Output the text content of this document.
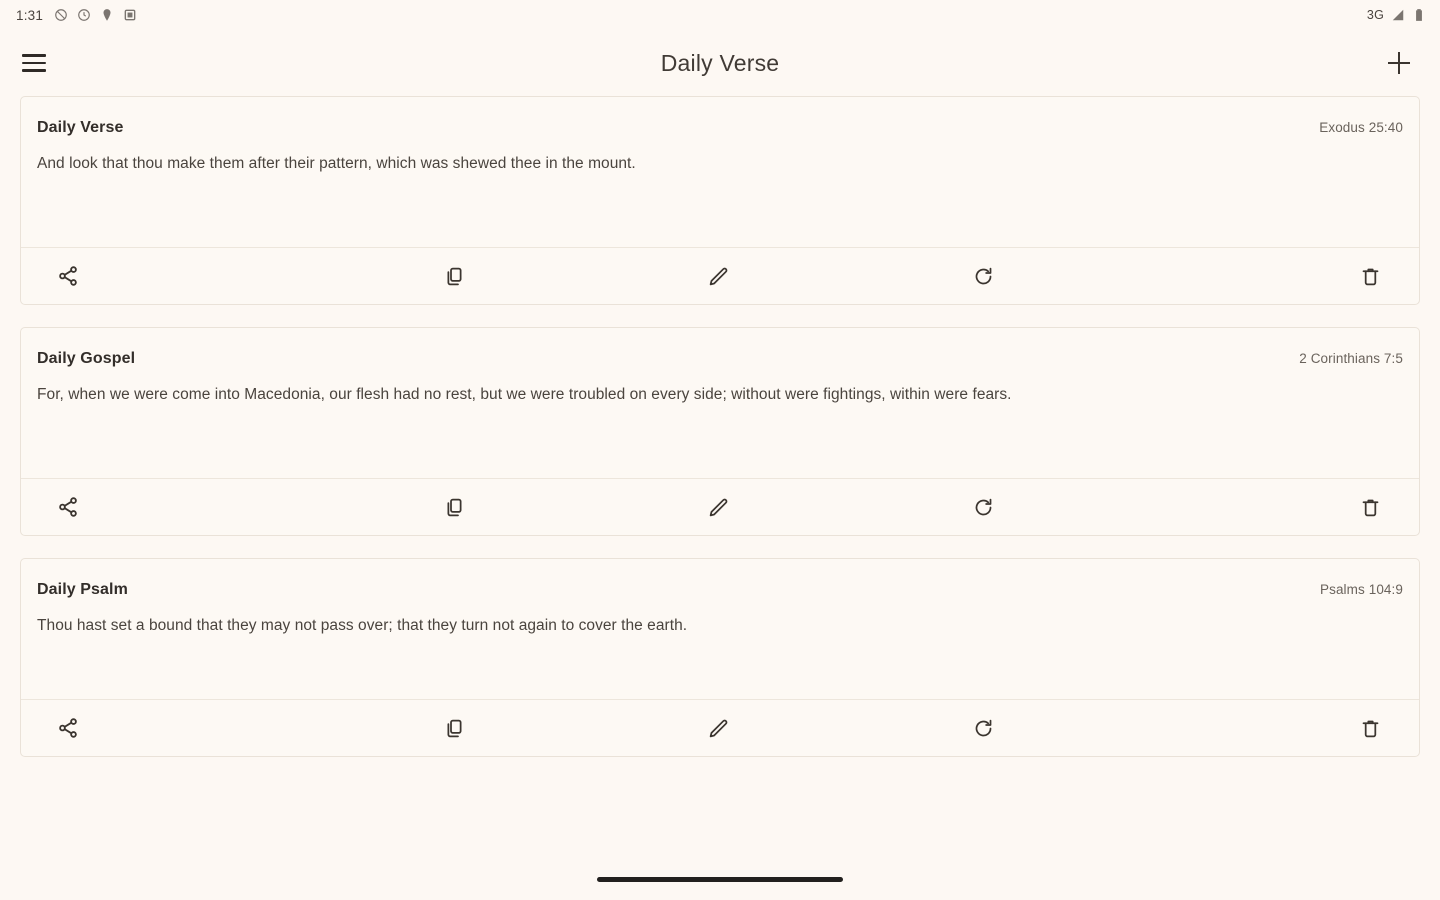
1:31	3G
Daily Verse
Daily Verse	Exodus 25:40
And look that thou make them after their pattern, which was shewed thee in the mount.
Daily Gospel	2 Corinthians 7:5
For, when we were come into Macedonia, our flesh had no rest, but we were troubled on every side; without were fightings, within were fears.
Daily Psalm	Psalms 104:9
Thou hast set a bound that they may not pass over; that they turn not again to cover the earth.
